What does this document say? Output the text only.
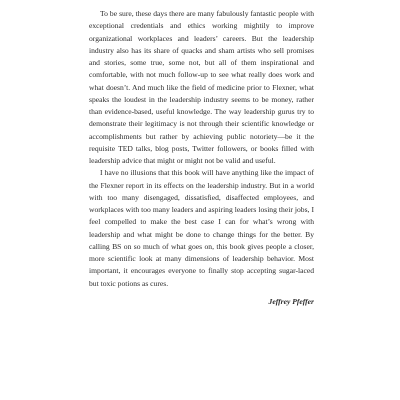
To be sure, these days there are many fabulously fantastic people with exceptional credentials and ethics working mightily to improve organizational workplaces and leaders’ careers. But the leadership industry also has its share of quacks and sham artists who sell promises and stories, some true, some not, but all of them inspirational and comfortable, with not much follow-up to see what really does work and what doesn’t. And much like the field of medicine prior to Flexner, what speaks the loudest in the leadership industry seems to be money, rather than evidence-based, useful knowledge. The way leadership gurus try to demonstrate their legitimacy is not through their scientific knowledge or accomplishments but rather by achieving public notoriety—be it the requisite TED talks, blog posts, Twitter followers, or books filled with leadership advice that might or might not be valid and useful.

I have no illusions that this book will have anything like the impact of the Flexner report in its effects on the leadership industry. But in a world with too many disengaged, dissatisfied, disaffected employees, and workplaces with too many leaders and aspiring leaders losing their jobs, I feel compelled to make the best case I can for what’s wrong with leadership and what might be done to change things for the better. By calling BS on so much of what goes on, this book gives people a closer, more scientific look at many dimensions of leadership behavior. Most important, it encourages everyone to finally stop accepting sugar-laced but toxic potions as cures.

Jeffrey Pfeffer
